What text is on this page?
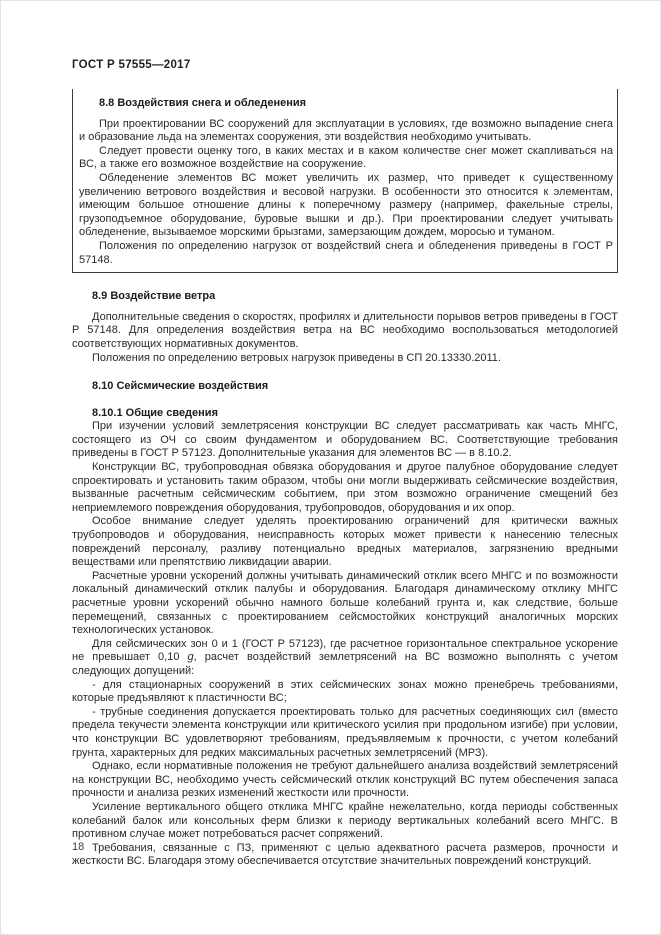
ГОСТ Р 57555—2017
8.8 Воздействия снега и обледенения

При проектировании ВС сооружений для эксплуатации в условиях, где возможно выпадение снега и образование льда на элементах сооружения, эти воздействия необходимо учитывать.

Следует провести оценку того, в каких местах и в каком количестве снег может скапливаться на ВС, а также его возможное воздействие на сооружение.

Обледенение элементов ВС может увеличить их размер, что приведет к существенному увеличению ветрового воздействия и весовой нагрузки. В особенности это относится к элементам, имеющим большое отношение длины к поперечному размеру (например, факельные стрелы, грузоподъемное оборудование, буровые вышки и др.). При проектировании следует учитывать обледенение, вызываемое морскими брызгами, замерзающим дождем, моросью и туманом.

Положения по определению нагрузок от воздействий снега и обледенения приведены в ГОСТ Р 57148.

8.9 Воздействие ветра

Дополнительные сведения о скоростях, профилях и длительности порывов ветров приведены в ГОСТ Р 57148. Для определения воздействия ветра на ВС необходимо воспользоваться методологией соответствующих нормативных документов.

Положения по определению ветровых нагрузок приведены в СП 20.13330.2011.

8.10 Сейсмические воздействия
8.10.1 Общие сведения

При изучении условий землетрясения конструкции ВС следует рассматривать как часть МНГС, состоящего из ОЧ со своим фундаментом и оборудованием ВС. Соответствующие требования приведены в ГОСТ Р 57123. Дополнительные указания для элементов ВС — в 8.10.2.

Конструкции ВС, трубопроводная обвязка оборудования и другое палубное оборудование следует спроектировать и установить таким образом, чтобы они могли выдерживать сейсмические воздействия, вызванные расчетным сейсмическим событием, при этом возможно ограничение смещений без неприемлемого повреждения оборудования, трубопроводов, оборудования и их опор.

Особое внимание следует уделять проектированию ограничений для критически важных трубопроводов и оборудования, неисправность которых может привести к нанесению телесных повреждений персоналу, разливу потенциально вредных материалов, загрязнению вредными веществами или препятствию ликвидации аварии.

Расчетные уровни ускорений должны учитывать динамический отклик всего МНГС и по возможности локальный динамический отклик палубы и оборудования. Благодаря динамическому отклику МНГС расчетные уровни ускорений обычно намного больше колебаний грунта и, как следствие, больше перемещений, связанных с проектированием сейсмостойких конструкций аналогичных морских технологических установок.

Для сейсмических зон 0 и 1 (ГОСТ Р 57123), где расчетное горизонтальное спектральное ускорение не превышает 0,10 g, расчет воздействий землетрясений на ВС возможно выполнять с учетом следующих допущений:

- для стационарных сооружений в этих сейсмических зонах можно пренебречь требованиями, которые предъявляют к пластичности ВС;

- трубные соединения допускается проектировать только для расчетных соединяющих сил (вместо предела текучести элемента конструкции или критического усилия при продольном изгибе) при условии, что конструкции ВС удовлетворяют требованиям, предъявляемым к прочности, с учетом колебаний грунта, характерных для редких максимальных расчетных землетрясений (МРЗ).

Однако, если нормативные положения не требуют дальнейшего анализа воздействий землетрясений на конструкции ВС, необходимо учесть сейсмический отклик конструкций ВС путем обеспечения запаса прочности и анализа резких изменений жесткости или прочности.

Усиление вертикального общего отклика МНГС крайне нежелательно, когда периоды собственных колебаний балок или консольных ферм близки к периоду вертикальных колебаний всего МНГС. В противном случае может потребоваться расчет сопряжений.

Требования, связанные с ПЗ, применяют с целью адекватного расчета размеров, прочности и жесткости ВС. Благодаря этому обеспечивается отсутствие значительных повреждений конструкций.

18
